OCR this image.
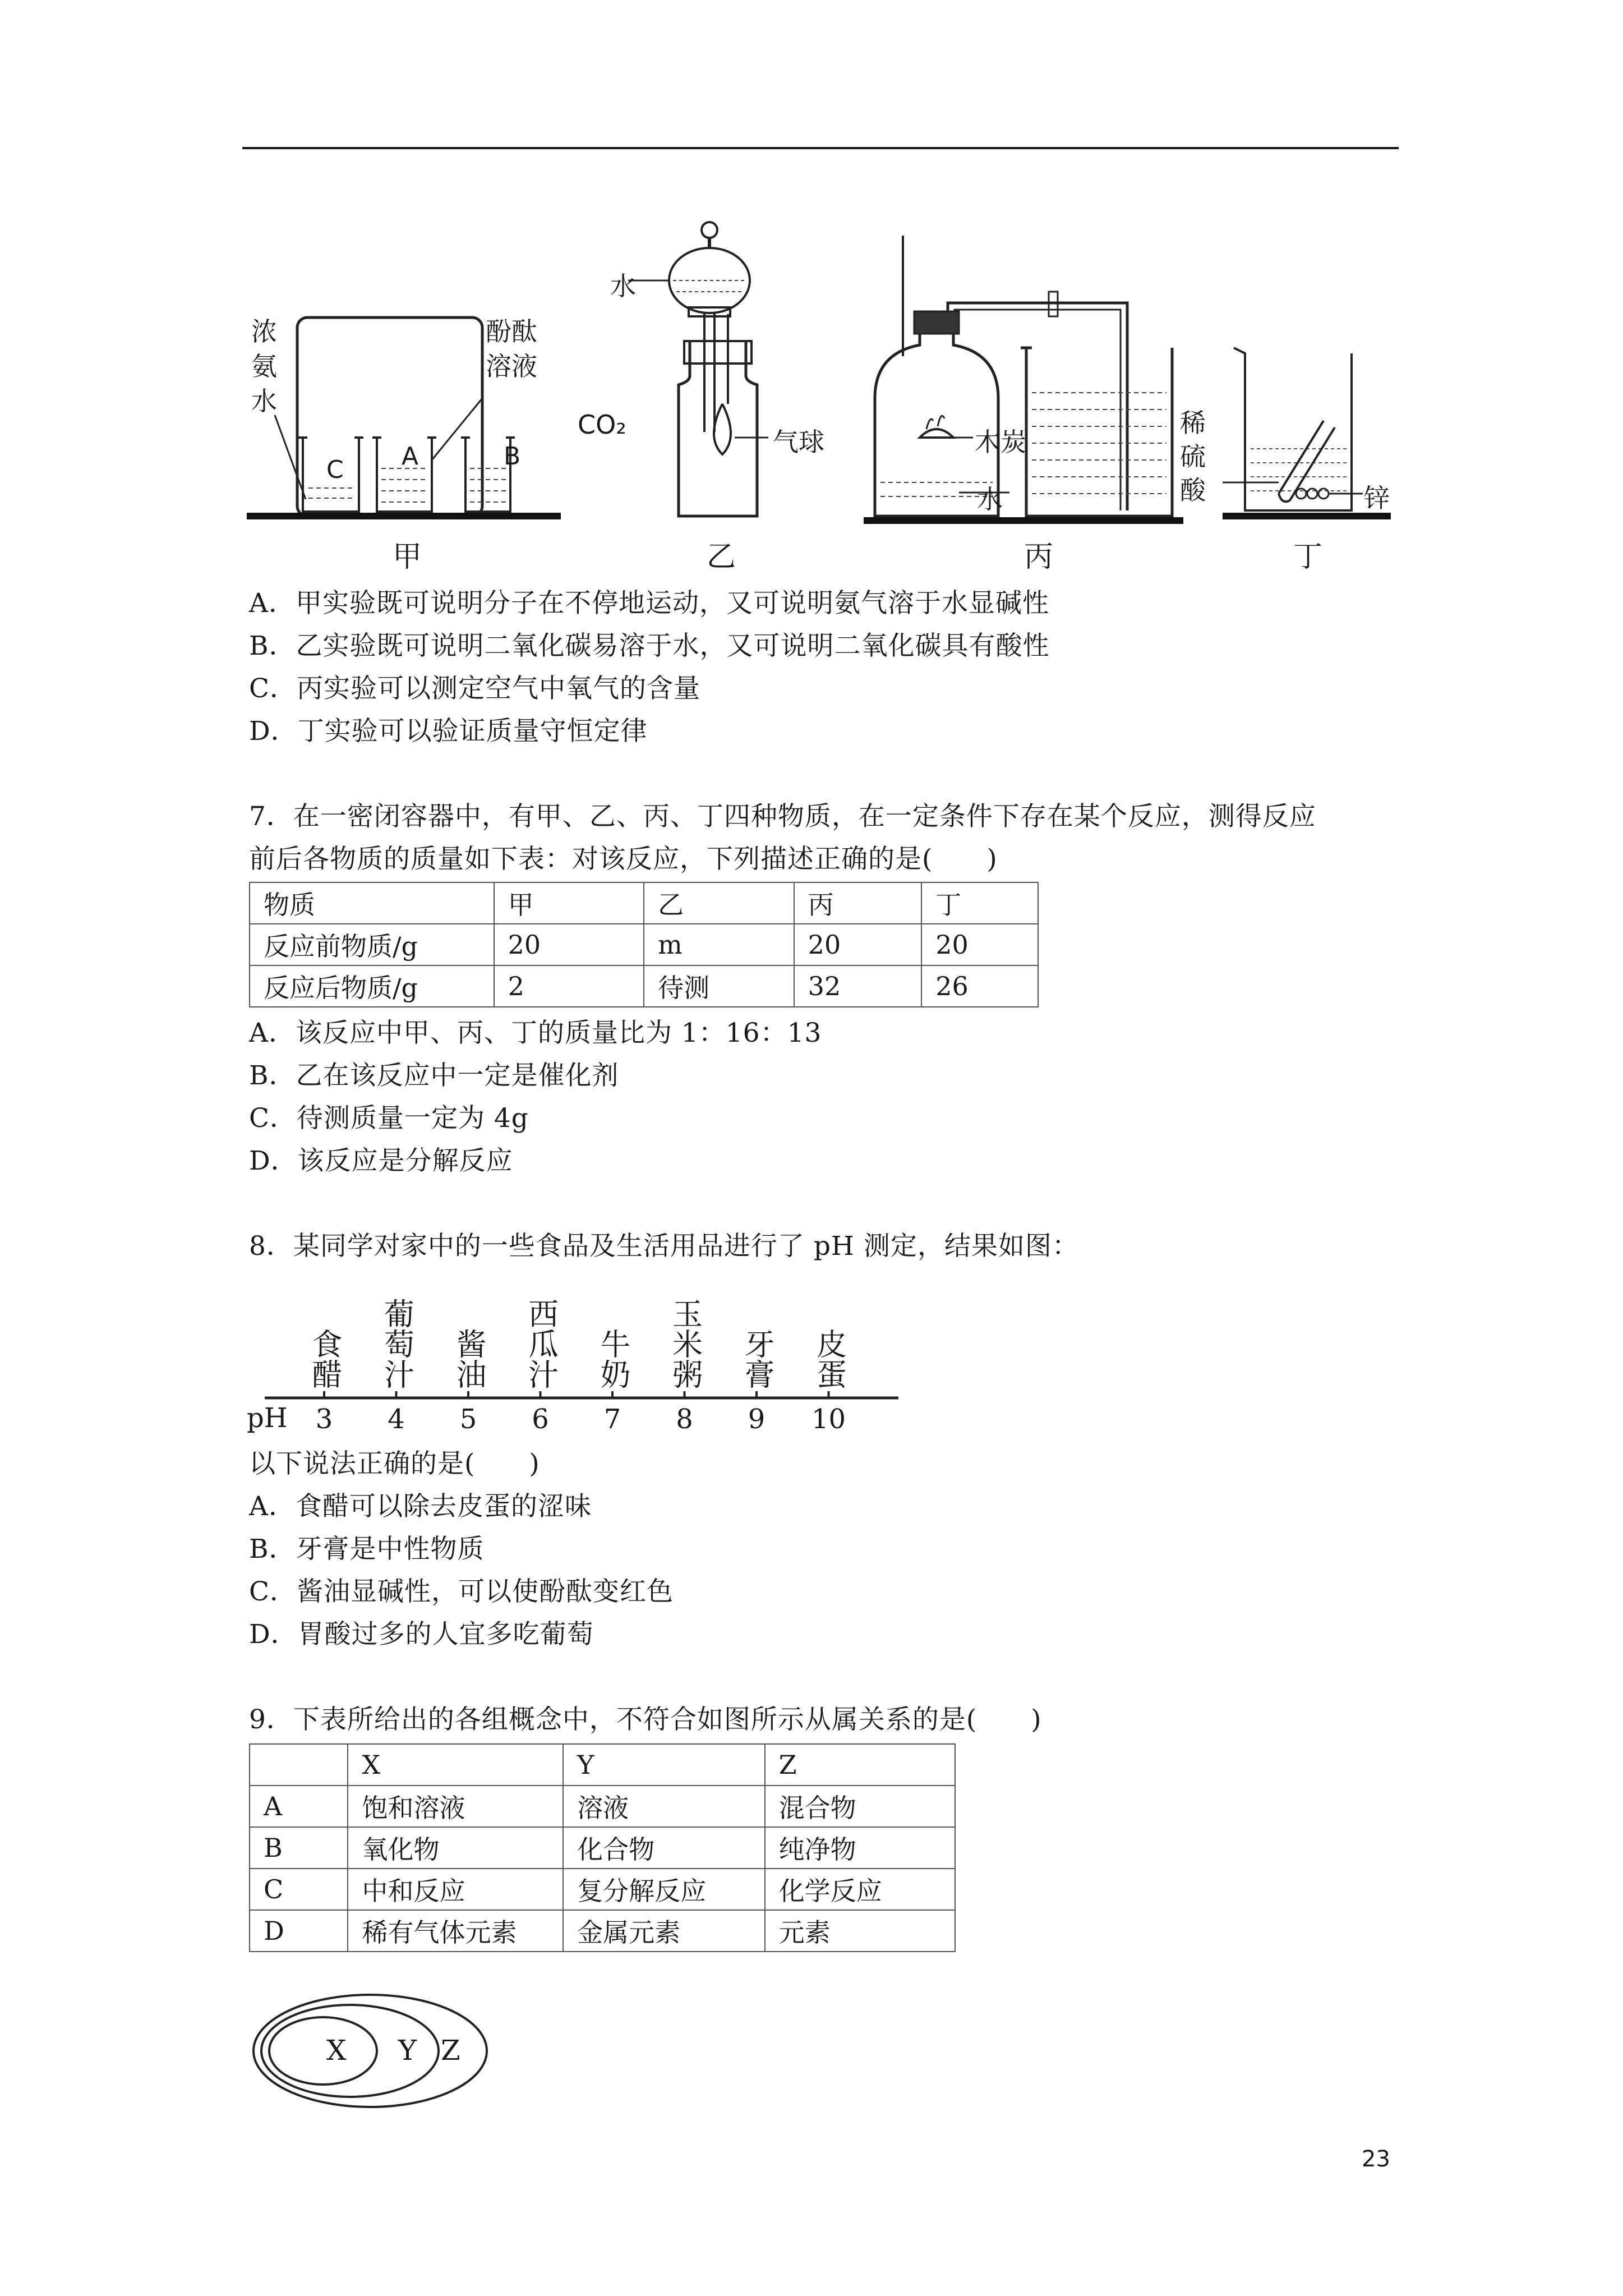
浓氨水
酚酞溶液
C A	B
甲
水
CO₂
气球
乙
木炭
水
丙
稀硫酸	锌
丁
A．甲实验既可说明分子在不停地运动，又可说明氨气溶于水显碱性
B．乙实验既可说明二氧化碳易溶于水，又可说明二氧化碳具有酸性
C．丙实验可以测定空气中氧气的含量
D．丁实验可以验证质量守恒定律
7．在一密闭容器中，有甲、乙、丙、丁四种物质，在一定条件下存在某个反应，测得反应
前后各物质的质量如下表：对该反应，下列描述正确的是(　　)
物质	甲	乙	丙	丁
反应前物质/g	20	m	20	20
反应后物质/g	2	待测	32	26
A．该反应中甲、丙、丁的质量比为 1：16：13
B．乙在该反应中一定是催化剂
C．待测质量一定为 4g
D．该反应是分解反应
8．某同学对家中的一些食品及生活用品进行了 pH 测定，结果如图：
pH	3	4	5	6	7	8	9	10
食醋 葡萄汁 酱油 西瓜汁 牛奶 玉米粥 牙膏 皮蛋
以下说法正确的是(　　)
A．食醋可以除去皮蛋的涩味
B．牙膏是中性物质
C．酱油显碱性，可以使酚酞变红色
D．胃酸过多的人宜多吃葡萄
9．下表所给出的各组概念中，不符合如图所示从属关系的是(　　)
	X	Y	Z
A	饱和溶液	溶液	混合物
B	氧化物	化合物	纯净物
C	中和反应	复分解反应	化学反应
D	稀有气体元素	金属元素	元素
X Y Z
23
